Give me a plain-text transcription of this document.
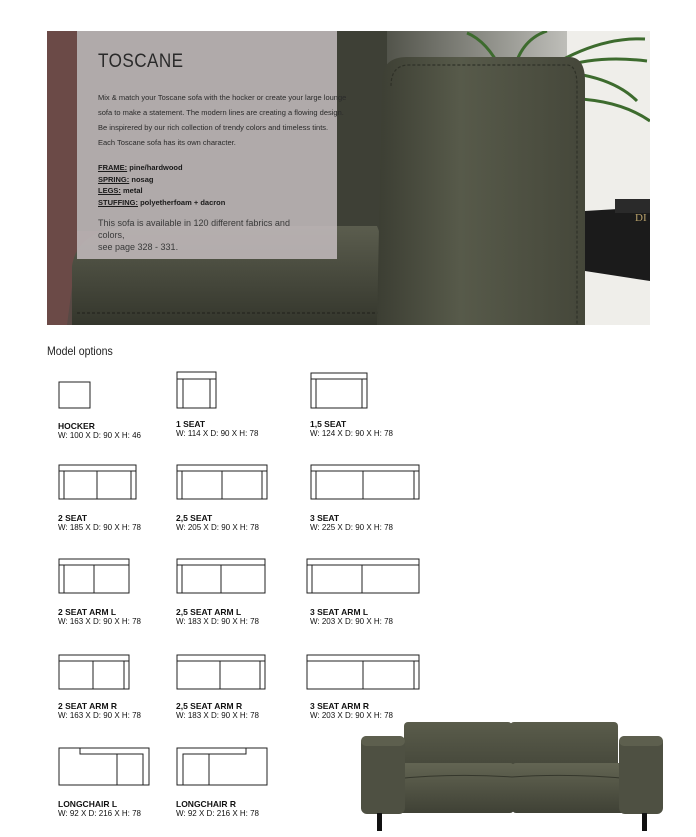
DI
TOSCANE

Mix & match your Toscane sofa with the hocker or create your large lounge

sofa to make a statement. The modern lines are creating a flowing design.

Be inspirered by our rich collection of trendy colors and timeless tints.

Each Toscane sofa has its own character.

FRAME: pine/hardwood
SPRING: nosag
LEGS: metal
STUFFING: polyetherfoam + dacron
This sofa is available in 120 different fabrics and colors,
see page 328 - 331.
Model options
HOCKER
W: 100 X D: 90 X H: 46
1 SEAT
W: 114 X D: 90 X H: 78
1,5 SEAT
W: 124 X D: 90 X H: 78
2 SEAT
W: 185 X D: 90 X H: 78
2,5 SEAT
W: 205 X D: 90 X H: 78
3 SEAT
W: 225 X D: 90 X H: 78
2 SEAT ARM L
W: 163 X D: 90 X H: 78
2,5 SEAT ARM L
W: 183 X D: 90 X H: 78
3 SEAT ARM L
W: 203 X D: 90 X H: 78
2 SEAT ARM R
W: 163 X D: 90 X H: 78
2,5 SEAT ARM R
W: 183 X D: 90 X H: 78
3 SEAT ARM R
W: 203 X D: 90 X H: 78
LONGCHAIR L
W: 92 X D: 216 X H: 78
LONGCHAIR R
W: 92 X D: 216 X H: 78
